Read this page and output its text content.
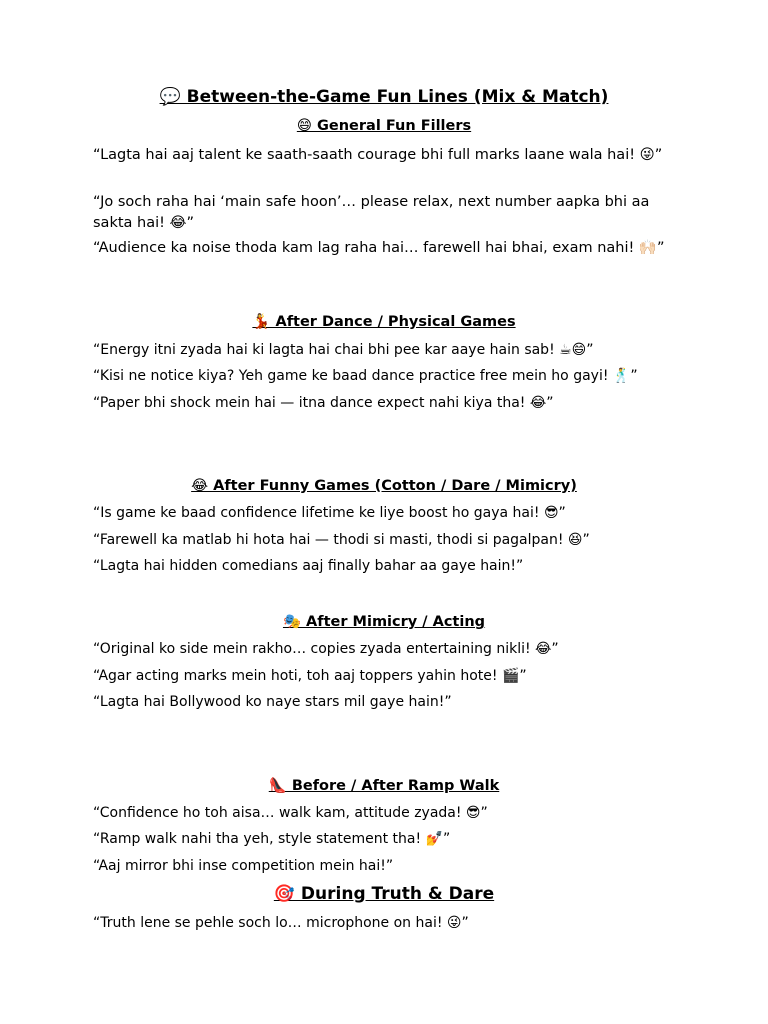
💬 Between-the-Game Fun Lines (Mix & Match)
😄 General Fun Fillers
“Lagta hai aaj talent ke saath-saath courage bhi full marks laane wala hai! 😜”
“Jo soch raha hai ‘main safe hoon’… please relax, next number aapka bhi aa sakta hai! 😂”
“Audience ka noise thoda kam lag raha hai… farewell hai bhai, exam nahi! 🙌🏻”
💃 After Dance / Physical Games
“Energy itni zyada hai ki lagta hai chai bhi pee kar aaye hain sab! ☕😄”
“Kisi ne notice kiya? Yeh game ke baad dance practice free mein ho gayi! 🕺”
“Paper bhi shock mein hai — itna dance expect nahi kiya tha! 😂”
😂 After Funny Games (Cotton / Dare / Mimicry)
“Is game ke baad confidence lifetime ke liye boost ho gaya hai! 😎”
“Farewell ka matlab hi hota hai — thodi si masti, thodi si pagalpan! 😆”
“Lagta hai hidden comedians aaj finally bahar aa gaye hain!”
🎭 After Mimicry / Acting
“Original ko side mein rakho… copies zyada entertaining nikli! 😂”
“Agar acting marks mein hoti, toh aaj toppers yahin hote! 🎬”
“Lagta hai Bollywood ko naye stars mil gaye hain!”
👠 Before / After Ramp Walk
“Confidence ho toh aisa… walk kam, attitude zyada! 😎”
“Ramp walk nahi tha yeh, style statement tha! 💅”
“Aaj mirror bhi inse competition mein hai!”
🎯 During Truth & Dare
“Truth lene se pehle soch lo… microphone on hai! 😜”
